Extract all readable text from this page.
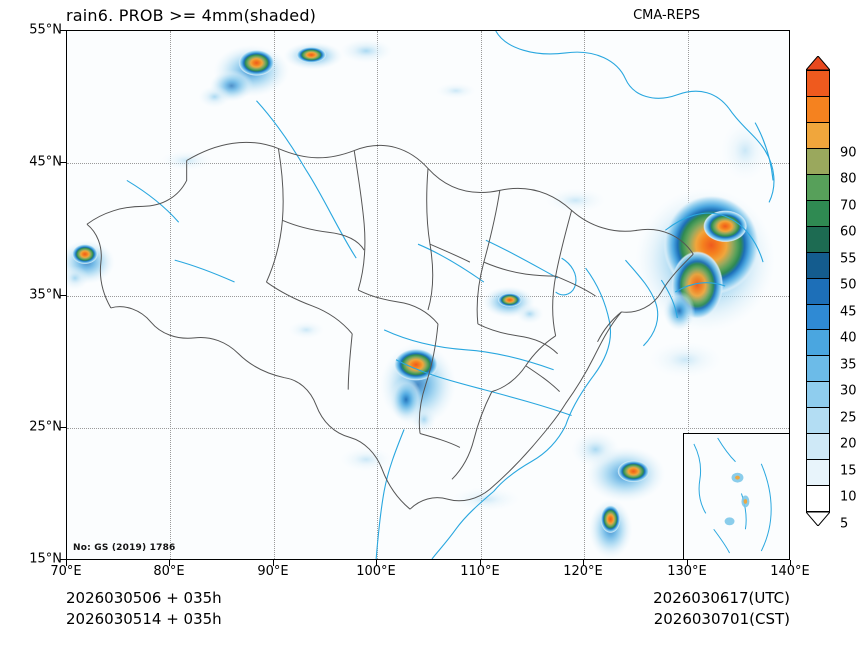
rain6. PROB >= 4mm(shaded)	CMA-REPS
55°N
45°N
35°N
25°N
15°N
70°E	80°E	90°E	100°E	110°E	120°E	130°E	140°E
No: GS (2019) 1786
5
10
15
20
25
30
35
40
45
50
55
60
70
80
90
2026030506 + 035h	2026030617(UTC)
2026030514 + 035h	2026030701(CST)
